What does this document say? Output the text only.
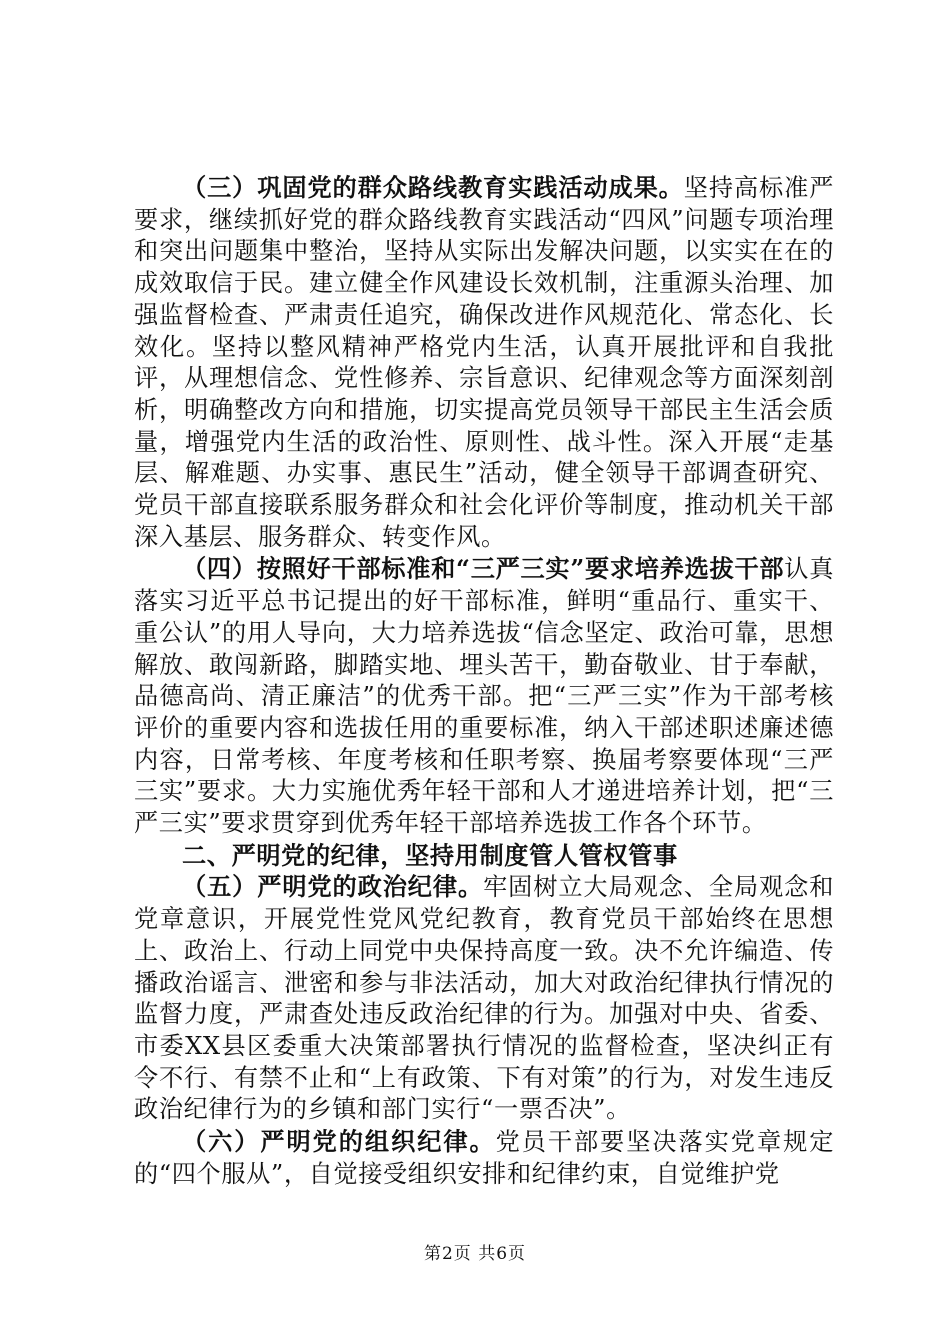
（三）巩固党的群众路线教育实践活动成果。坚持高标准严要求，继续抓好党的群众路线教育实践活动“四风”问题专项治理和突出问题集中整治，坚持从实际出发解决问题，以实实在在的成效取信于民。建立健全作风建设长效机制，注重源头治理、加强监督检查、严肃责任追究，确保改进作风规范化、常态化、长效化。坚持以整风精神严格党内生活，认真开展批评和自我批评，从理想信念、党性修养、宗旨意识、纪律观念等方面深刻剖析，明确整改方向和措施，切实提高党员领导干部民主生活会质量，增强党内生活的政治性、原则性、战斗性。深入开展“走基层、解难题、办实事、惠民生”活动，健全领导干部调查研究、党员干部直接联系服务群众和社会化评价等制度，推动机关干部深入基层、服务群众、转变作风。

（四）按照好干部标准和“三严三实”要求培养选拔干部认真落实习近平总书记提出的好干部标准，鲜明“重品行、重实干、重公认”的用人导向，大力培养选拔“信念坚定、政治可靠，思想解放、敢闯新路，脚踏实地、埋头苦干，勤奋敬业、甘于奉献，品德高尚、清正廉洁”的优秀干部。把“三严三实”作为干部考核评价的重要内容和选拔任用的重要标准，纳入干部述职述廉述德内容，日常考核、年度考核和任职考察、换届考察要体现“三严三实”要求。大力实施优秀年轻干部和人才递进培养计划，把“三严三实”要求贯穿到优秀年轻干部培养选拔工作各个环节。

二、严明党的纪律，坚持用制度管人管权管事

（五）严明党的政治纪律。牢固树立大局观念、全局观念和党章意识，开展党性党风党纪教育，教育党员干部始终在思想上、政治上、行动上同党中央保持高度一致。决不允许编造、传播政治谣言、泄密和参与非法活动，加大对政治纪律执行情况的监督力度，严肃查处违反政治纪律的行为。加强对中央、省委、市委XX县区委重大决策部署执行情况的监督检查，坚决纠正有令不行、有禁不止和“上有政策、下有对策”的行为，对发生违反政治纪律行为的乡镇和部门实行“一票否决”。

（六）严明党的组织纪律。党员干部要坚决落实党章规定的“四个服从”，自觉接受组织安排和纪律约束，自觉维护党

第2页 共6页
